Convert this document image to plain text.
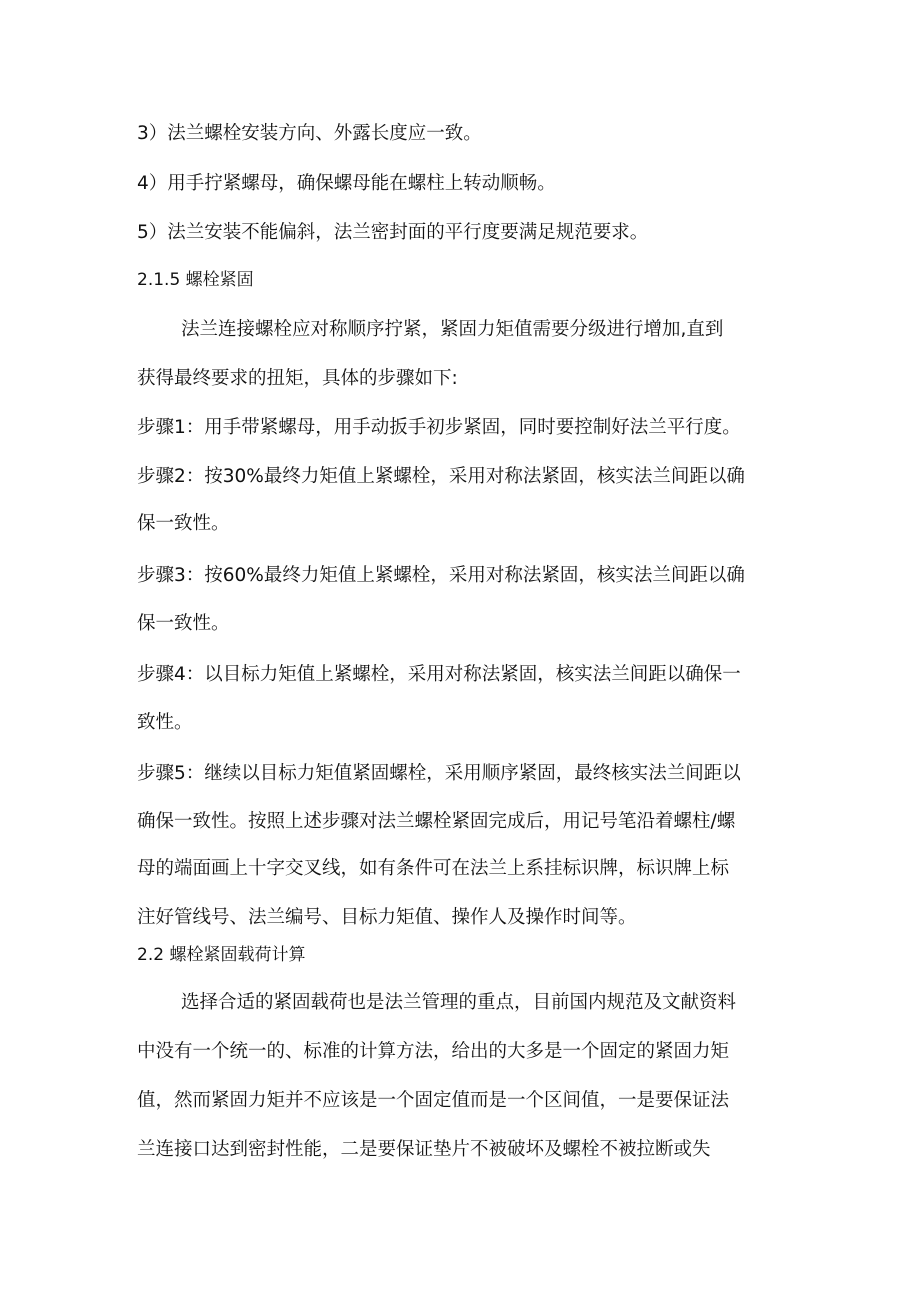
3）法兰螺栓安装方向、外露长度应一致。
4）用手拧紧螺母，确保螺母能在螺柱上转动顺畅。
5）法兰安装不能偏斜，法兰密封面的平行度要满足规范要求。
2.1.5 螺栓紧固
法兰连接螺栓应对称顺序拧紧，紧固力矩值需要分级进行增加,直到
获得最终要求的扭矩，具体的步骤如下:
步骤1：用手带紧螺母，用手动扳手初步紧固，同时要控制好法兰平行度。
步骤2：按30%最终力矩值上紧螺栓，采用对称法紧固，核实法兰间距以确
保一致性。
步骤3：按60%最终力矩值上紧螺栓，采用对称法紧固，核实法兰间距以确
保一致性。
步骤4：以目标力矩值上紧螺栓，采用对称法紧固，核实法兰间距以确保一
致性。
步骤5：继续以目标力矩值紧固螺栓，采用顺序紧固，最终核实法兰间距以
确保一致性。按照上述步骤对法兰螺栓紧固完成后，用记号笔沿着螺柱/螺
母的端面画上十字交叉线，如有条件可在法兰上系挂标识牌，标识牌上标
注好管线号、法兰编号、目标力矩值、操作人及操作时间等。
2.2 螺栓紧固载荷计算
选择合适的紧固载荷也是法兰管理的重点，目前国内规范及文献资料
中没有一个统一的、标准的计算方法，给出的大多是一个固定的紧固力矩
值，然而紧固力矩并不应该是一个固定值而是一个区间值，一是要保证法
兰连接口达到密封性能，二是要保证垫片不被破坏及螺栓不被拉断或失
